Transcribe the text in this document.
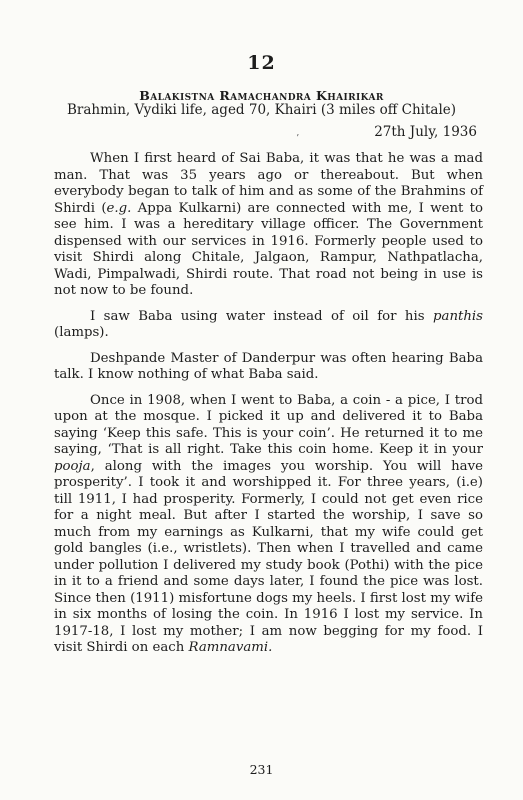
12
Balakistna Ramachandra Khairikar
Brahmin, Vydiki life, aged 70, Khairi (3 miles off Chitale)
ʼ	27th July, 1936

When I first heard of Sai Baba, it was that he was a mad man. That was 35 years ago or thereabout. But when everybody began to talk of him and as some of the Brahmins of Shirdi (e.g. Appa Kulkarni) are connected with me, I went to see him. I was a hereditary village officer. The Government dispensed with our services in 1916. Formerly people used to visit Shirdi along Chitale, Jalgaon, Rampur, Nathpatlacha, Wadi, Pimpalwadi, Shirdi route. That road not being in use is not now to be found.

I saw Baba using water instead of oil for his panthis (lamps).

Deshpande Master of Danderpur was often hearing Baba talk. I know nothing of what Baba said.

Once in 1908, when I went to Baba, a coin - a pice, I trod upon at the mosque. I picked it up and delivered it to Baba saying ‘Keep this safe. This is your coin’. He returned it to me saying, ‘That is all right. Take this coin home. Keep it in your pooja, along with the images you worship. You will have prosperity’. I took it and worshipped it. For three years, (i.e) till 1911, I had prosperity. Formerly, I could not get even rice for a night meal. But after I started the worship, I save so much from my earnings as Kulkarni, that my wife could get gold bangles (i.e., wristlets). Then when I travelled and came under pollution I delivered my study book (Pothi) with the pice in it to a friend and some days later, I found the pice was lost. Since then (1911) misfortune dogs my heels. I first lost my wife in six months of losing the coin. In 1916 I lost my service. In 1917-18, I lost my mother; I am now begging for my food. I visit Shirdi on each Ramnavami.

231
